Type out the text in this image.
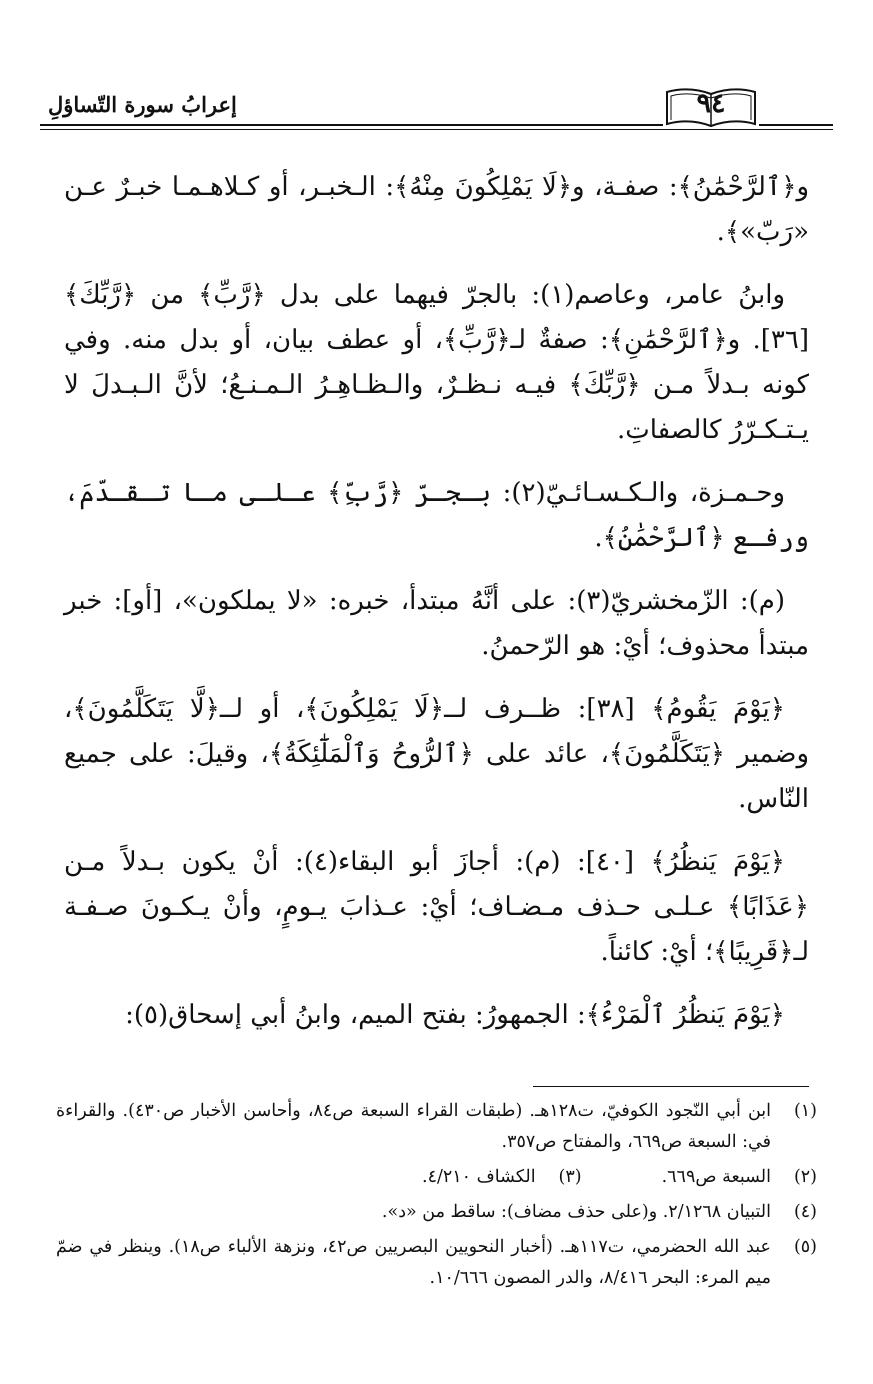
٩٤
إعرابُ سورة التّساؤلِ

و﴿ٱلرَّحْمَٰنُ﴾: صفـة، و﴿لَا يَمْلِكُونَ مِنْهُ﴾: الـخبـر، أو كـلاهـمـا خبـرٌ عـن «رَبّ»﴾.

وابنُ عامر، وعاصم(١): بالجرّ فيهما على بدل ﴿رَّبِّ﴾ من ﴿رَّبِّكَ﴾ [٣٦]. و﴿ٱلرَّحْمَٰنِ﴾: صفةٌ لـ﴿رَّبِّ﴾، أو عطف بيان، أو بدل منه. وفي كونه بـدلاً مـن ﴿رَّبِّكَ﴾ فيـه نـظـرٌ، والـظـاهِـرُ الـمـنـعُ؛ لأنَّ الـبـدلَ لا يـتـكـرّرُ كالصفاتِ.

وحـمـزة، والـكـسـائـيّ(٢): بـجـرّ ﴿رَّبِّ﴾ عـلـى مـا تـقـدّمَ، ورفـع ﴿ٱلرَّحْمَٰنُ﴾.

(م): الزّمخشريّ(٣): على أنَّهُ مبتدأ، خبره: «لا يملكون»، [أو]: خبر مبتدأ محذوف؛ أيْ: هو الرّحمنُ.

﴿يَوْمَ يَقُومُ﴾ [٣٨]: ظــرف لــ﴿لَا يَمْلِكُونَ﴾، أو لــ﴿لَّا يَتَكَلَّمُونَ﴾، وضمير ﴿يَتَكَلَّمُونَ﴾، عائد على ﴿ٱلرُّوحُ وَٱلْمَلَٰٓئِكَةُ﴾، وقيلَ: على جميع النّاس.

﴿يَوْمَ يَنظُرُ﴾ [٤٠]: (م): أجازَ أبو البقاء(٤): أنْ يكون بـدلاً مـن ﴿عَذَابًا﴾ عـلـى حـذف مـضـاف؛ أيْ: عـذابَ يـومٍ، وأنْ يـكـونَ صـفـة لـ﴿قَرِيبًا﴾؛ أيْ: كائناً.

﴿يَوْمَ يَنظُرُ ٱلْمَرْءُ﴾: الجمهورُ: بفتح الميم، وابنُ أبي إسحاق(٥):

(١)
ابن أبي النّجود الكوفيّ، ت١٢٨هـ. (طبقات القراء السبعة ص٨٤، وأحاسن الأخبار ص٤٣٠). والقراءة في: السبعة ص٦٦٩، والمفتاح ص٣٥٧.
(٢)
السبعة ص٦٦٩.
(٣)
الكشاف ٤/٢١٠.
(٤)
التبيان ٢/١٢٦٨. و(على حذف مضاف): ساقط من «د».
(٥)
عبد الله الحضرمي، ت١١٧هـ. (أخبار النحويين البصريين ص٤٢، ونزهة الألباء ص١٨). وينظر في ضمّ ميم المرء: البحر ٨/٤١٦، والدر المصون ١٠/٦٦٦.
